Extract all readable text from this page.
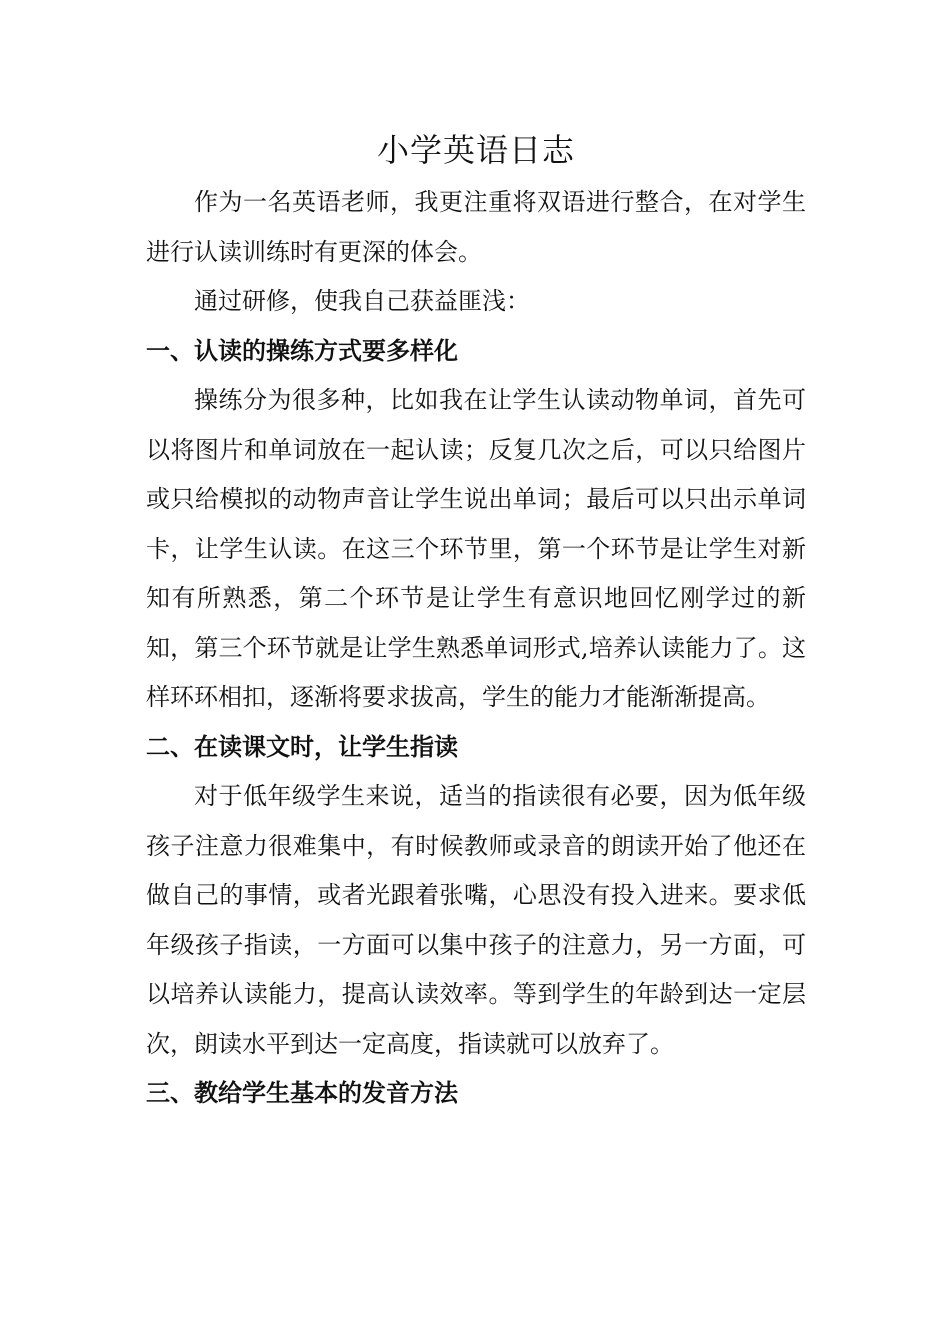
小学英语日志

作为一名英语老师，我更注重将双语进行整合，在对学生进行认读训练时有更深的体会。

通过研修，使我自己获益匪浅：

一、认读的操练方式要多样化

操练分为很多种，比如我在让学生认读动物单词，首先可以将图片和单词放在一起认读；反复几次之后，可以只给图片或只给模拟的动物声音让学生说出单词；最后可以只出示单词卡，让学生认读。在这三个环节里，第一个环节是让学生对新知有所熟悉，第二个环节是让学生有意识地回忆刚学过的新知，第三个环节就是让学生熟悉单词形式,培养认读能力了。这样环环相扣，逐渐将要求拔高，学生的能力才能渐渐提高。

二、在读课文时，让学生指读

对于低年级学生来说，适当的指读很有必要，因为低年级孩子注意力很难集中，有时候教师或录音的朗读开始了他还在做自己的事情，或者光跟着张嘴，心思没有投入进来。要求低年级孩子指读，一方面可以集中孩子的注意力，另一方面，可以培养认读能力，提高认读效率。等到学生的年龄到达一定层次，朗读水平到达一定高度，指读就可以放弃了。

三、教给学生基本的发音方法
